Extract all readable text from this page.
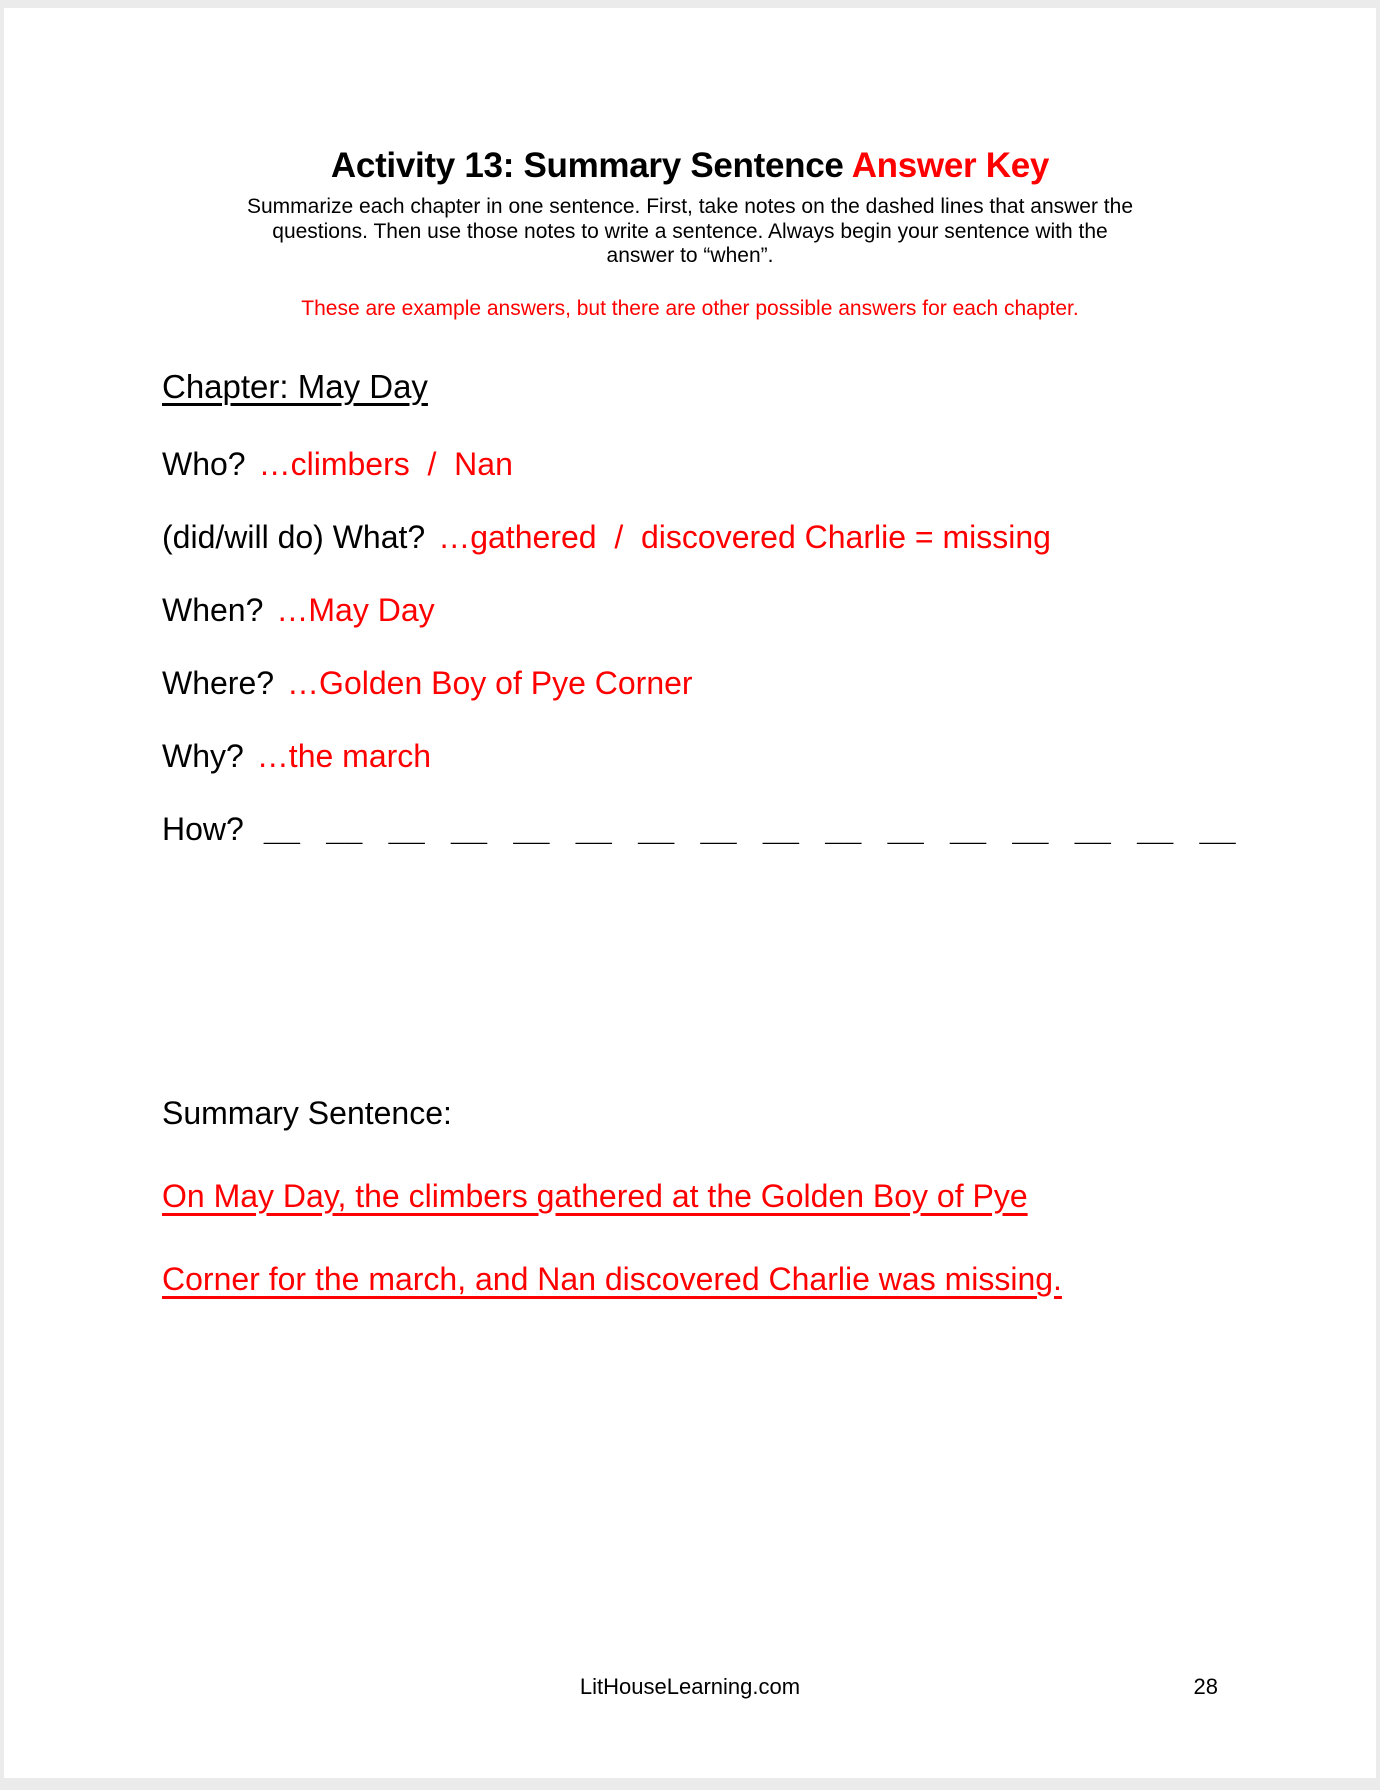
Activity 13: Summary Sentence Answer Key
Summarize each chapter in one sentence. First, take notes on the dashed lines that answer the
questions. Then use those notes to write a sentence. Always begin your sentence with the
answer to “when”.
These are example answers, but there are other possible answers for each chapter.
Chapter: May Day
Who? …climbers  /  Nan
(did/will do) What? …gathered  /  discovered Charlie = missing
When? …May Day
Where? …Golden Boy of Pye Corner
Why? …the march
How? __  __  __  __  __  __  __  __  __  __  __  __  __  __  __  __
Summary Sentence:
On May Day, the climbers gathered at the Golden Boy of Pye
Corner for the march, and Nan discovered Charlie was missing.
LitHouseLearning.com	28
